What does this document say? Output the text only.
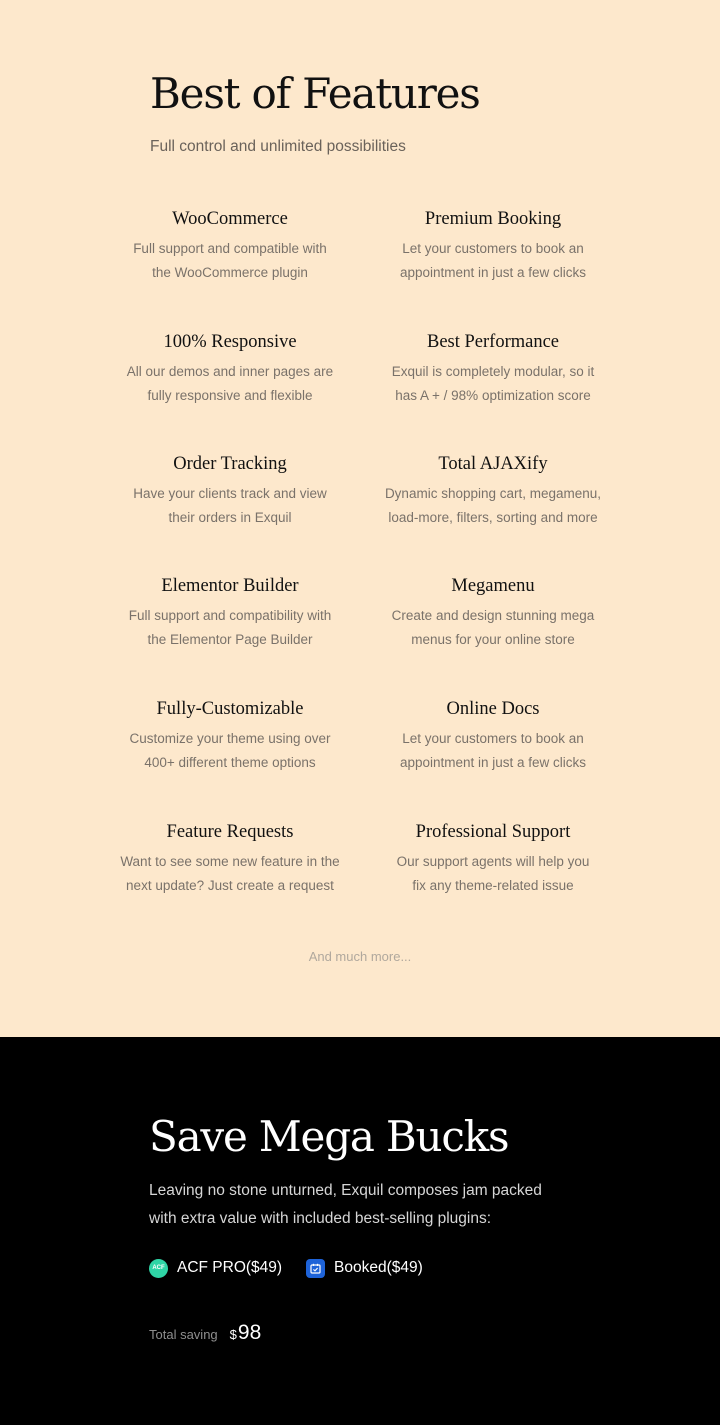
Best of Features

Full control and unlimited possibilities

WooCommerce
Full support and compatible with
the WooCommerce plugin
Premium Booking
Let your customers to book an
appointment in just a few clicks
100% Responsive
All our demos and inner pages are
fully responsive and flexible
Best Performance
Exquil is completely modular, so it
has A + / 98% optimization score
Order Tracking
Have your clients track and view
their orders in Exquil
Total AJAXify
Dynamic shopping cart, megamenu,
load-more, filters, sorting and more
Elementor Builder
Full support and compatibility with
the Elementor Page Builder
Megamenu
Create and design stunning mega
menus for your online store
Fully-Customizable
Customize your theme using over
400+ different theme options
Online Docs
Let your customers to book an
appointment in just a few clicks
Feature Requests
Want to see some new feature in the
next update? Just create a request
Professional Support
Our support agents will help you
fix any theme-related issue
And much more...
Save Mega Bucks

Leaving no stone unturned, Exquil composes jam packed
with extra value with included best-selling plugins:

ACF ACF PRO($49)	Booked($49)
Total saving $ 98
